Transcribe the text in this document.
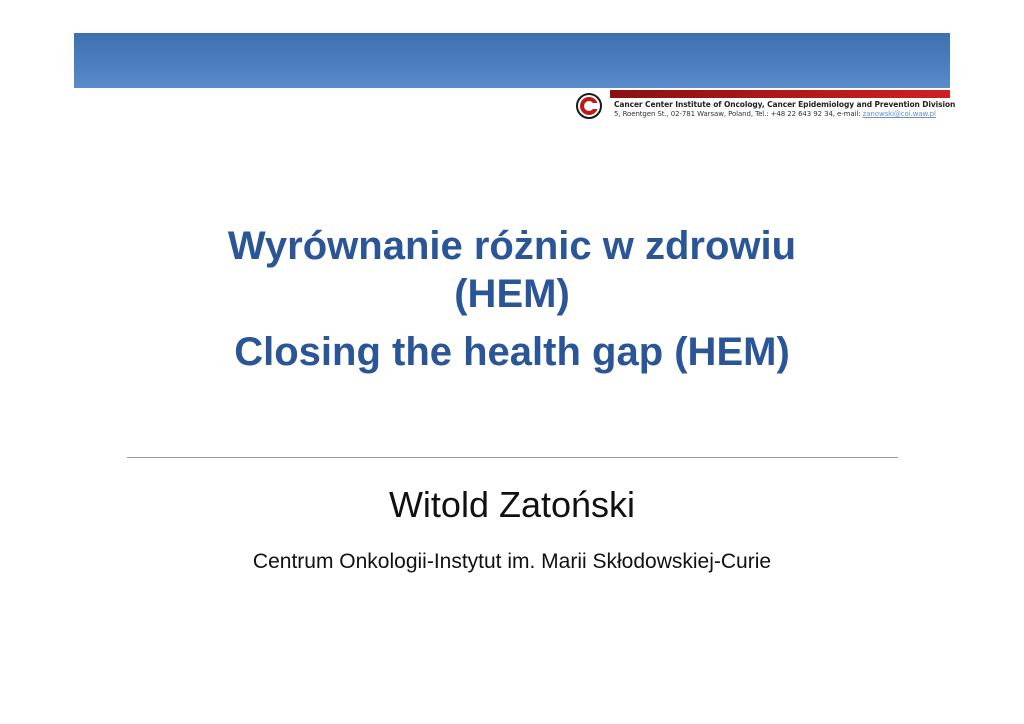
Cancer Center Institute of Oncology, Cancer Epidemiology and Prevention Division
5, Roentgen St., 02-781 Warsaw, Poland, Tel.: +48 22 643 92 34, e-mail: zanowski@coi.waw.pl
Wyrównanie różnic w zdrowiu
(HEM)
Closing the health gap (HEM)
Witold Zatoński
Centrum Onkologii-Instytut im. Marii Skłodowskiej-Curie
